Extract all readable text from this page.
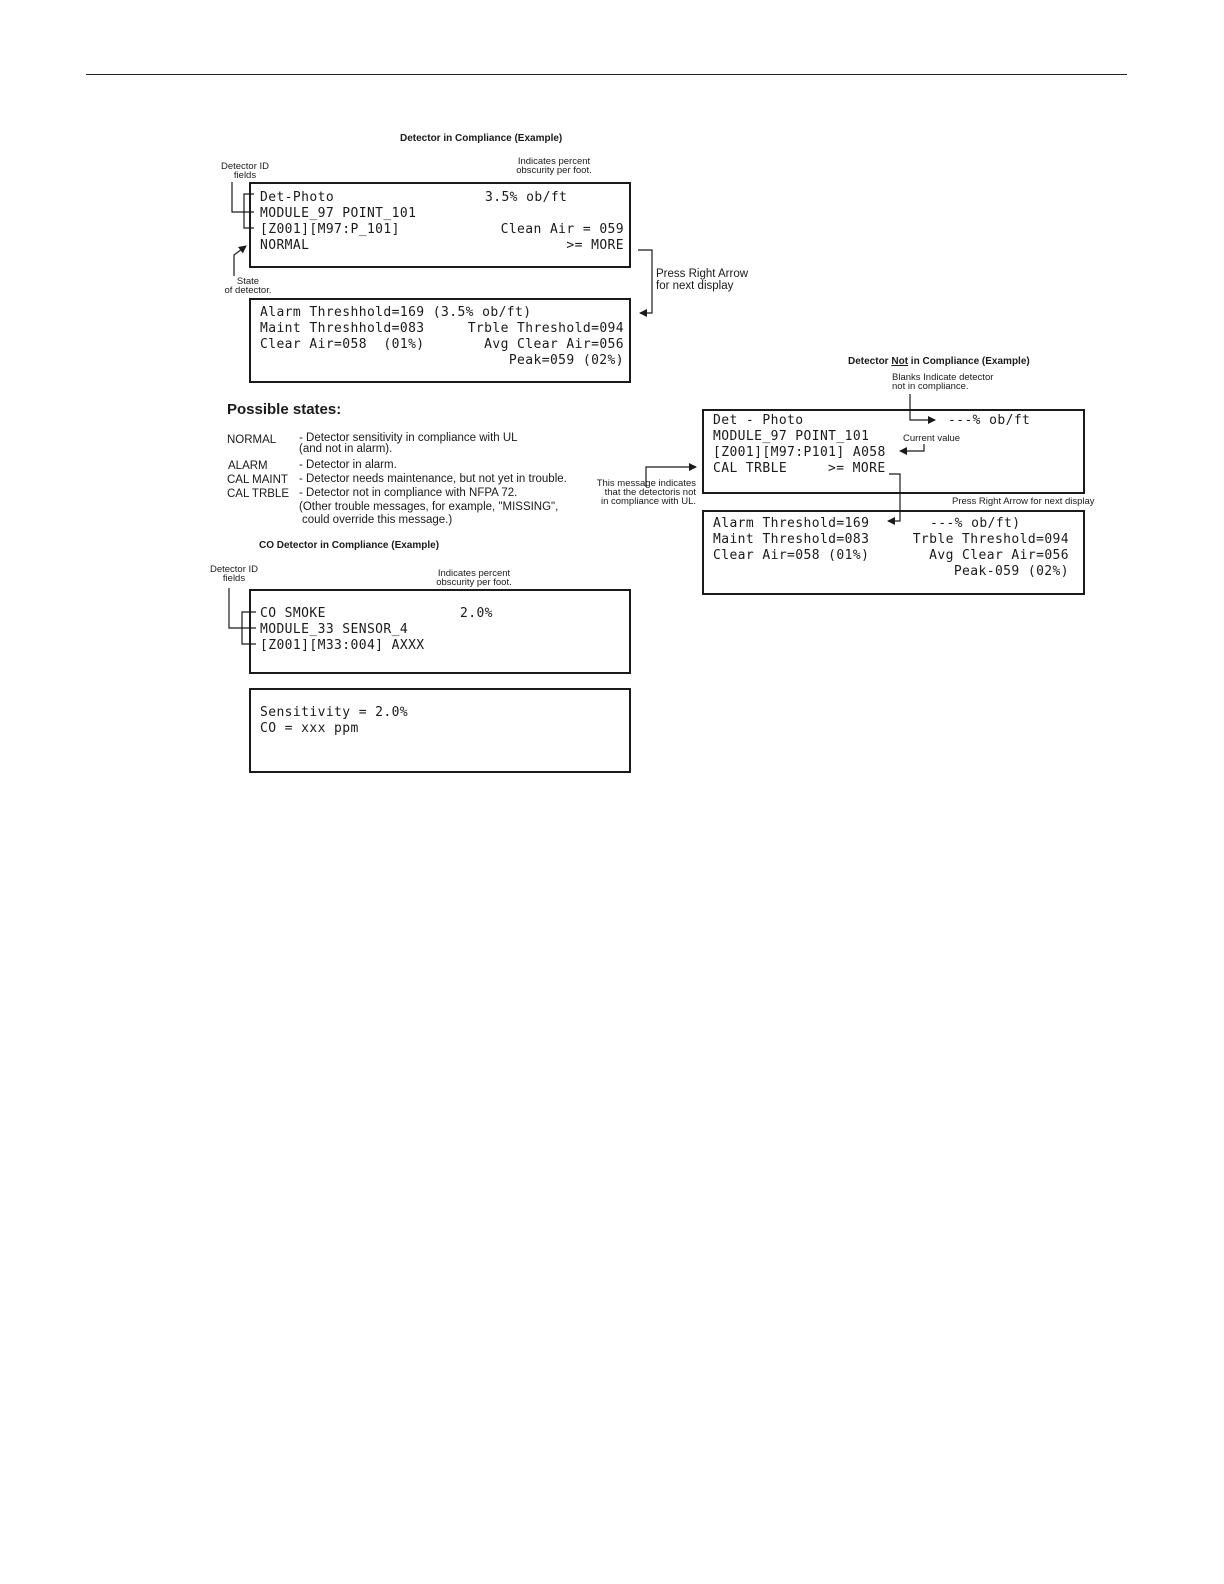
Detector in Compliance (Example)
Detector ID
fields
Indicates percent
obscurity per foot.
State
of detector.
Press Right Arrow
for next display
Det-Photo	3.5% ob/ft
MODULE_97 POINT_101
[Z001][M97:P_101]	Clean Air = 059
NORMAL	>= MORE
Alarm Threshhold=169 (3.5% ob/ft)
Maint Threshhold=083	Trble Threshold=094
Clear Air=058  (01%)	Avg Clear Air=056
Peak=059 (02%)
Possible states:
NORMAL - Detector sensitivity in compliance with UL
(and not in alarm).
ALARM	- Detector in alarm.
CAL MAINT - Detector needs maintenance, but not yet in trouble.
CAL TRBLE - Detector not in compliance with NFPA 72.
(Other trouble messages, for example, "MISSING",
could override this message.)
CO Detector in Compliance (Example)
Detector ID
fields	Indicates percent
obscurity per foot.
CO SMOKE	2.0%
MODULE_33 SENSOR_4
[Z001][M33:004] AXXX
Sensitivity = 2.0%
CO = xxx ppm
Detector Not in Compliance (Example)
Blanks Indicate detector
not in compliance.
Current value
This message indicates
that the detectoris not
in compliance with UL.	Press Right Arrow for next display
Det - Photo	---% ob/ft
MODULE_97 POINT_101
[Z001][M97:P101] A058
CAL TRBLE	>= MORE
Alarm Threshold=169	---% ob/ft)
Maint Threshold=083	Trble Threshold=094
Clear Air=058 (01%)	Avg Clear Air=056
Peak-059 (02%)
